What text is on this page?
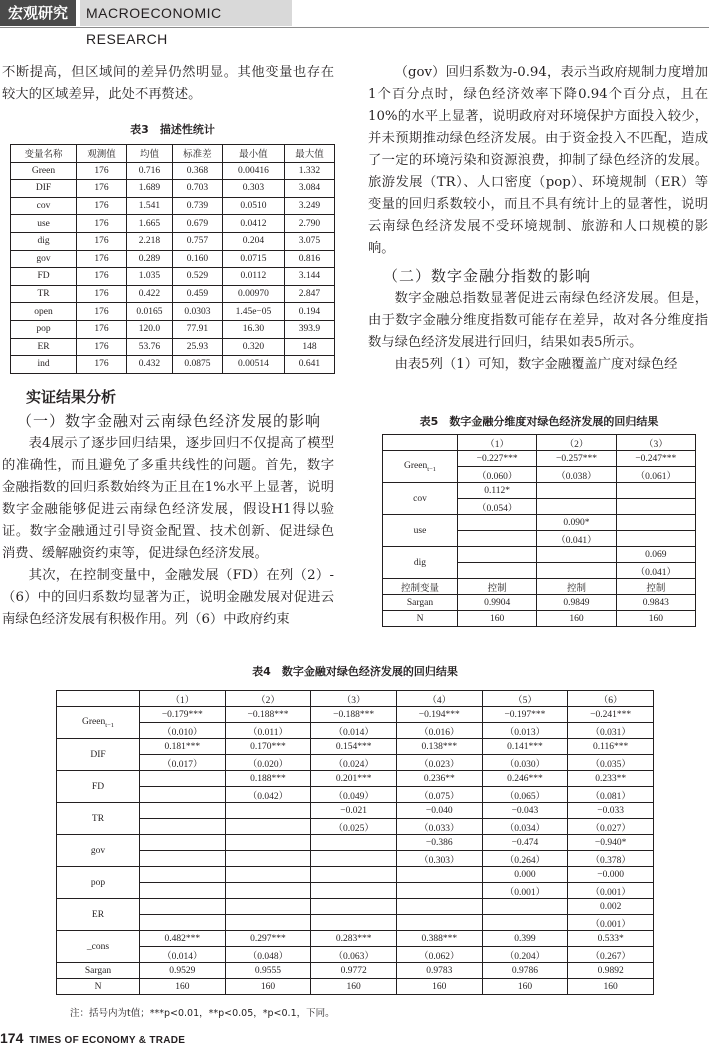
宏观研究	MACROECONOMIC RESEARCH

不断提高，但区域间的差异仍然明显。其他变量也存在较大的区域差异，此处不再赘述。

表3　描述性统计
变量名称	观测值	均值	标准差	最小值	最大值
Green	176	0.716	0.368	0.00416	1.332
DIF	176	1.689	0.703	0.303	3.084
cov	176	1.541	0.739	0.0510	3.249
use	176	1.665	0.679	0.0412	2.790
dig	176	2.218	0.757	0.204	3.075
gov	176	0.289	0.160	0.0715	0.816
FD	176	1.035	0.529	0.0112	3.144
TR	176	0.422	0.459	0.00970	2.847
open	176	0.0165	0.0303	1.45e−05	0.194
pop	176	120.0	77.91	16.30	393.9
ER	176	53.76	25.93	0.320	148
ind	176	0.432	0.0875	0.00514	0.641
实证结果分析
（一）数字金融对云南绿色经济发展的影响

表4展示了逐步回归结果，逐步回归不仅提高了模型的准确性，而且避免了多重共线性的问题。首先，数字金融指数的回归系数始终为正且在1%水平上显著，说明数字金融能够促进云南绿色经济发展，假设H1得以验证。数字金融通过引导资金配置、技术创新、促进绿色消费、缓解融资约束等，促进绿色经济发展。

其次，在控制变量中，金融发展（FD）在列（2）-（6）中的回归系数均显著为正，说明金融发展对促进云南绿色经济发展有积极作用。列（6）中政府约束

（gov）回归系数为-0.94，表示当政府规制力度增加1个百分点时，绿色经济效率下降0.94个百分点，且在10%的水平上显著，说明政府对环境保护方面投入较少，并未预期推动绿色经济发展。由于资金投入不匹配，造成了一定的环境污染和资源浪费，抑制了绿色经济的发展。旅游发展（TR）、人口密度（pop）、环境规制（ER）等变量的回归系数较小，而且不具有统计上的显著性，说明云南绿色经济发展不受环境规制、旅游和人口规模的影响。

（二）数字金融分指数的影响

数字金融总指数显著促进云南绿色经济发展。但是，由于数字金融分维度指数可能存在差异，故对各分维度指数与绿色经济发展进行回归，结果如表5所示。

由表5列（1）可知，数字金融覆盖广度对绿色经

表5　数字金融分维度对绿色经济发展的回归结果
	（1）	（2）	（3）
Green$_{t-1}$	−0.227***	−0.257***	−0.247***
	（0.060）	（0.038）	（0.061）
cov	0.112*		
	（0.054）		
use		0.090*	
		（0.041）	
dig			0.069
			（0.041）
控制变量	控制	控制	控制
Sargan	0.9904	0.9849	0.9843
N	160	160	160
表4　数字金融对绿色经济发展的回归结果
	（1）	（2）	（3）	（4）	（5）	（6）
Green$_{t-1}$	−0.179***	−0.188***	−0.188***	−0.194***	−0.197***	−0.241***
	（0.010）	（0.011）	（0.014）	（0.016）	（0.013）	（0.031）
DIF	0.181***	0.170***	0.154***	0.138***	0.141***	0.116***
	（0.017）	（0.020）	（0.024）	（0.023）	（0.030）	（0.035）
FD		0.188***	0.201***	0.236**	0.246***	0.233**
		（0.042）	（0.049）	（0.075）	（0.065）	（0.081）
TR			−0.021	−0.040	−0.043	−0.033
			（0.025）	（0.033）	（0.034）	（0.027）
gov				−0.386	−0.474	−0.940*
				（0.303）	（0.264）	（0.378）
pop					0.000	−0.000
					（0.001）	（0.001）
ER						0.002
						（0.001）
_cons	0.482***	0.297***	0.283***	0.388***	0.399	0.533*
	（0.014）	（0.048）	（0.063）	（0.062）	（0.204）	（0.267）
Sargan	0.9529	0.9555	0.9772	0.9783	0.9786	0.9892
N	160	160	160	160	160	160
注：括号内为t值；***p<0.01，**p<0.05，*p<0.1，下同。
174 TIMES OF ECONOMY & TRADE
